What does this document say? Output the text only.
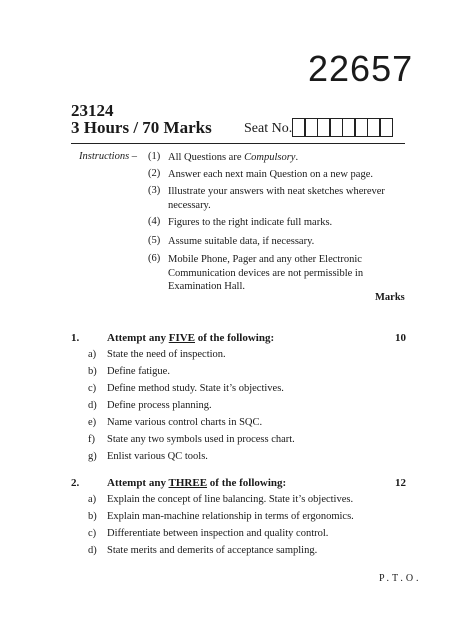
22657
23124
3 Hours / 70 Marks Seat No.
Instructions – (1) All Questions are Compulsory.
(2) Answer each next main Question on a new page.
(3) Illustrate your answers with neat sketches wherever necessary.
(4) Figures to the right indicate full marks.
(5) Assume suitable data, if necessary.
(6) Mobile Phone, Pager and any other Electronic Communication devices are not permissible in Examination Hall.
Marks
1.	Attempt any FIVE of the following:	10
a) State the need of inspection.
b) Define fatigue.
c) Define method study. State it’s objectives.
d) Define process planning.
e) Name various control charts in SQC.
f) State any two symbols used in process chart.
g) Enlist various QC tools.
2.	Attempt any THREE of the following:	12
a) Explain the concept of line balancing. State it’s objectives.
b) Explain man-machine relationship in terms of ergonomics.
c) Differentiate between inspection and quality control.
d) State merits and demerits of acceptance sampling.
P.T.O.
